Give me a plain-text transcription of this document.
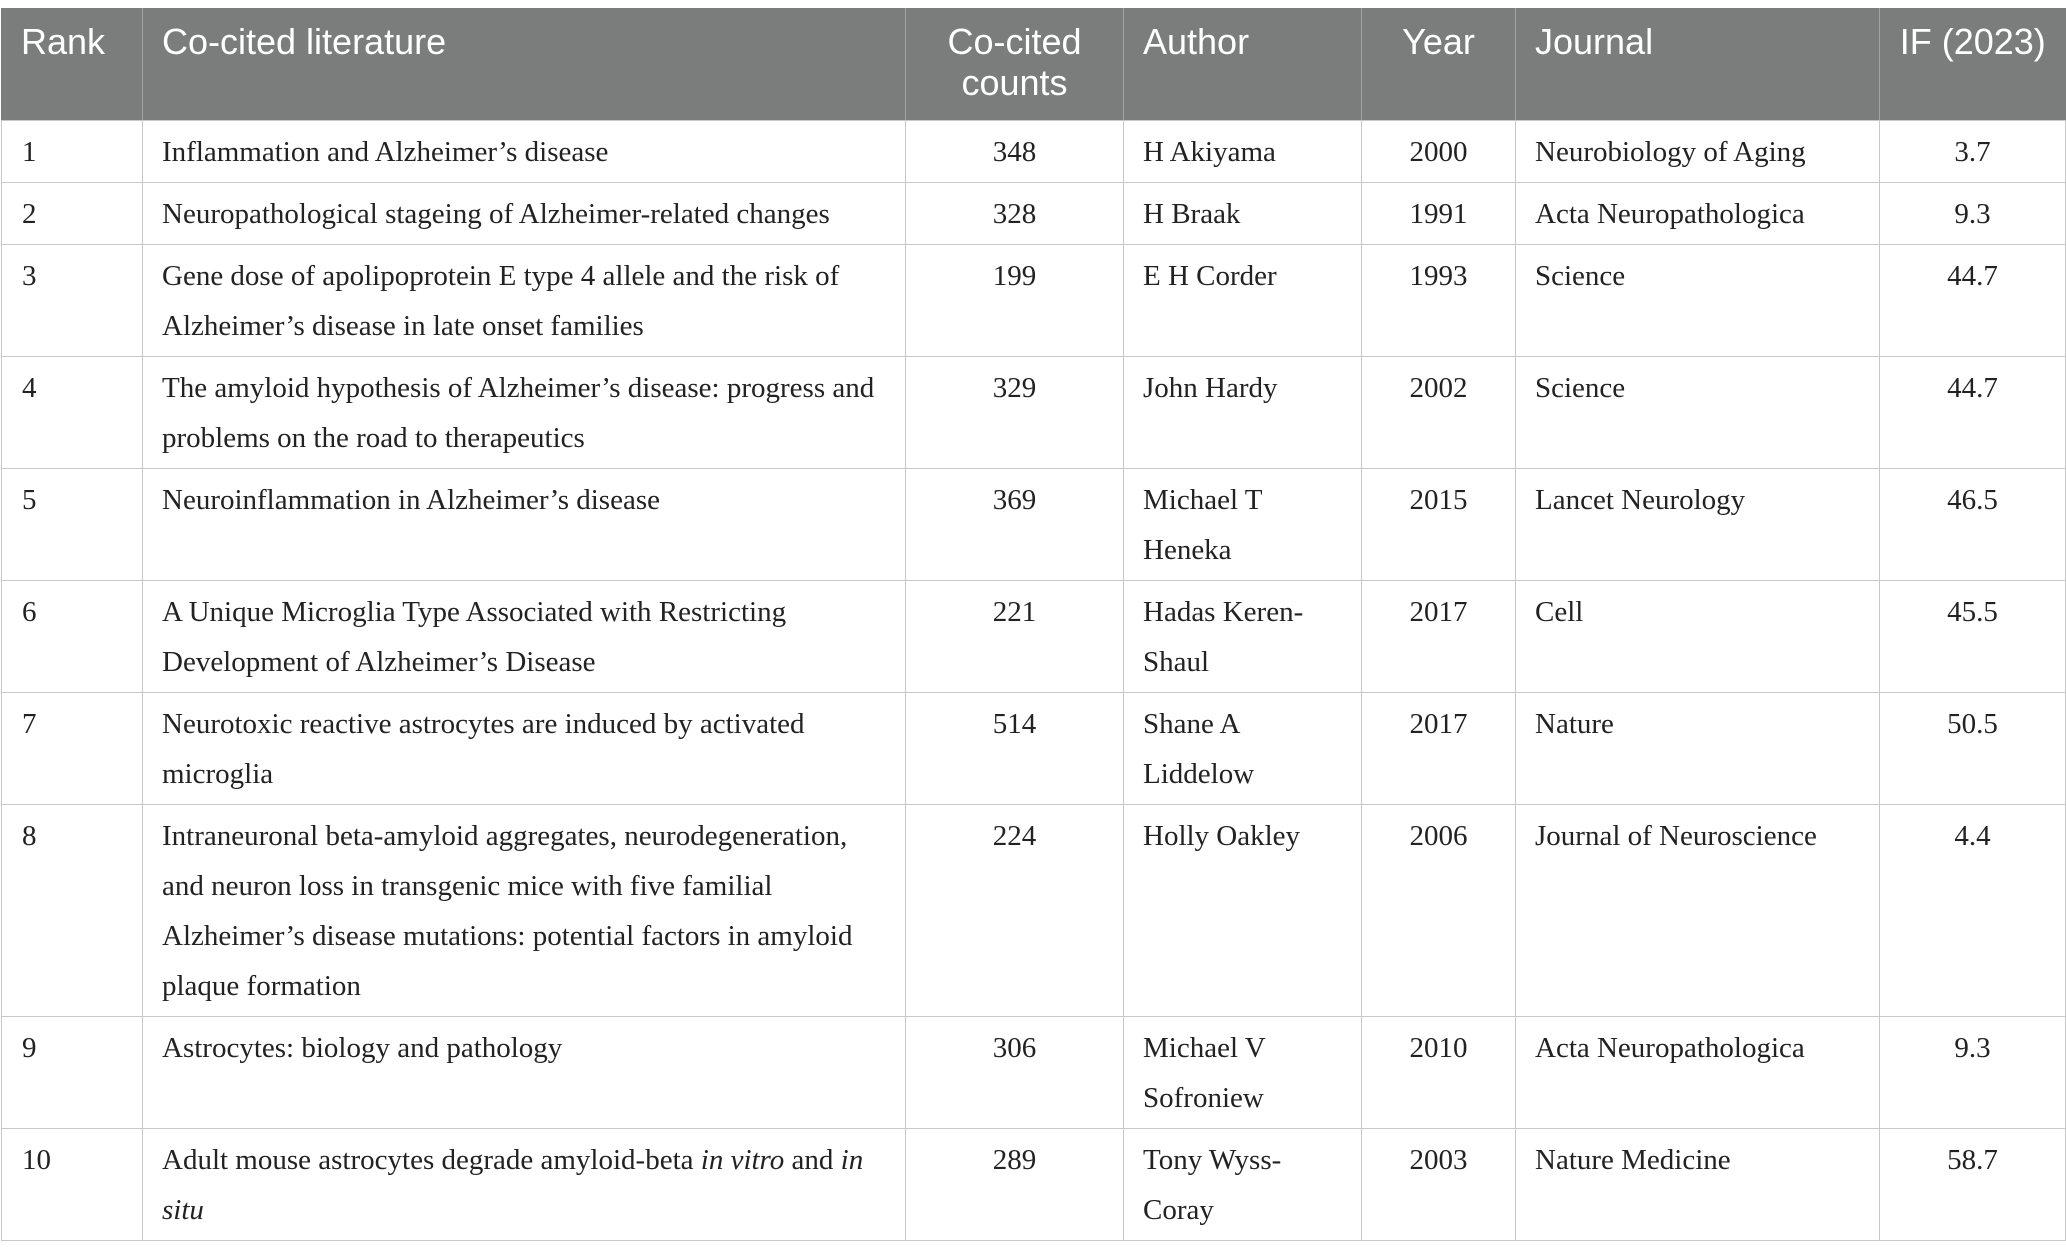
Rank	Co-cited literature	Co-cited counts	Author	Year	Journal	IF (2023)
1	Inflammation and Alzheimer’s disease	348	H Akiyama	2000	Neurobiology of Aging	3.7
2	Neuropathological stageing of Alzheimer-related changes	328	H Braak	1991	Acta Neuropathologica	9.3
3	Gene dose of apolipoprotein E type 4 allele and the risk of Alzheimer’s disease in late onset families	199	E H Corder	1993	Science	44.7
4	The amyloid hypothesis of Alzheimer’s disease: progress and problems on the road to therapeutics	329	John Hardy	2002	Science	44.7
5	Neuroinflammation in Alzheimer’s disease	369	Michael T Heneka	2015	Lancet Neurology	46.5
6	A Unique Microglia Type Associated with Restricting Development of Alzheimer’s Disease	221	Hadas Keren-Shaul	2017	Cell	45.5
7	Neurotoxic reactive astrocytes are induced by activated microglia	514	Shane A Liddelow	2017	Nature	50.5
8	Intraneuronal beta-amyloid aggregates, neurodegeneration, and neuron loss in transgenic mice with five familial Alzheimer’s disease mutations: potential factors in amyloid plaque formation	224	Holly Oakley	2006	Journal of Neuroscience	4.4
9	Astrocytes: biology and pathology	306	Michael V Sofroniew	2010	Acta Neuropathologica	9.3
10	Adult mouse astrocytes degrade amyloid-beta in vitro and in situ	289	Tony Wyss-Coray	2003	Nature Medicine	58.7
